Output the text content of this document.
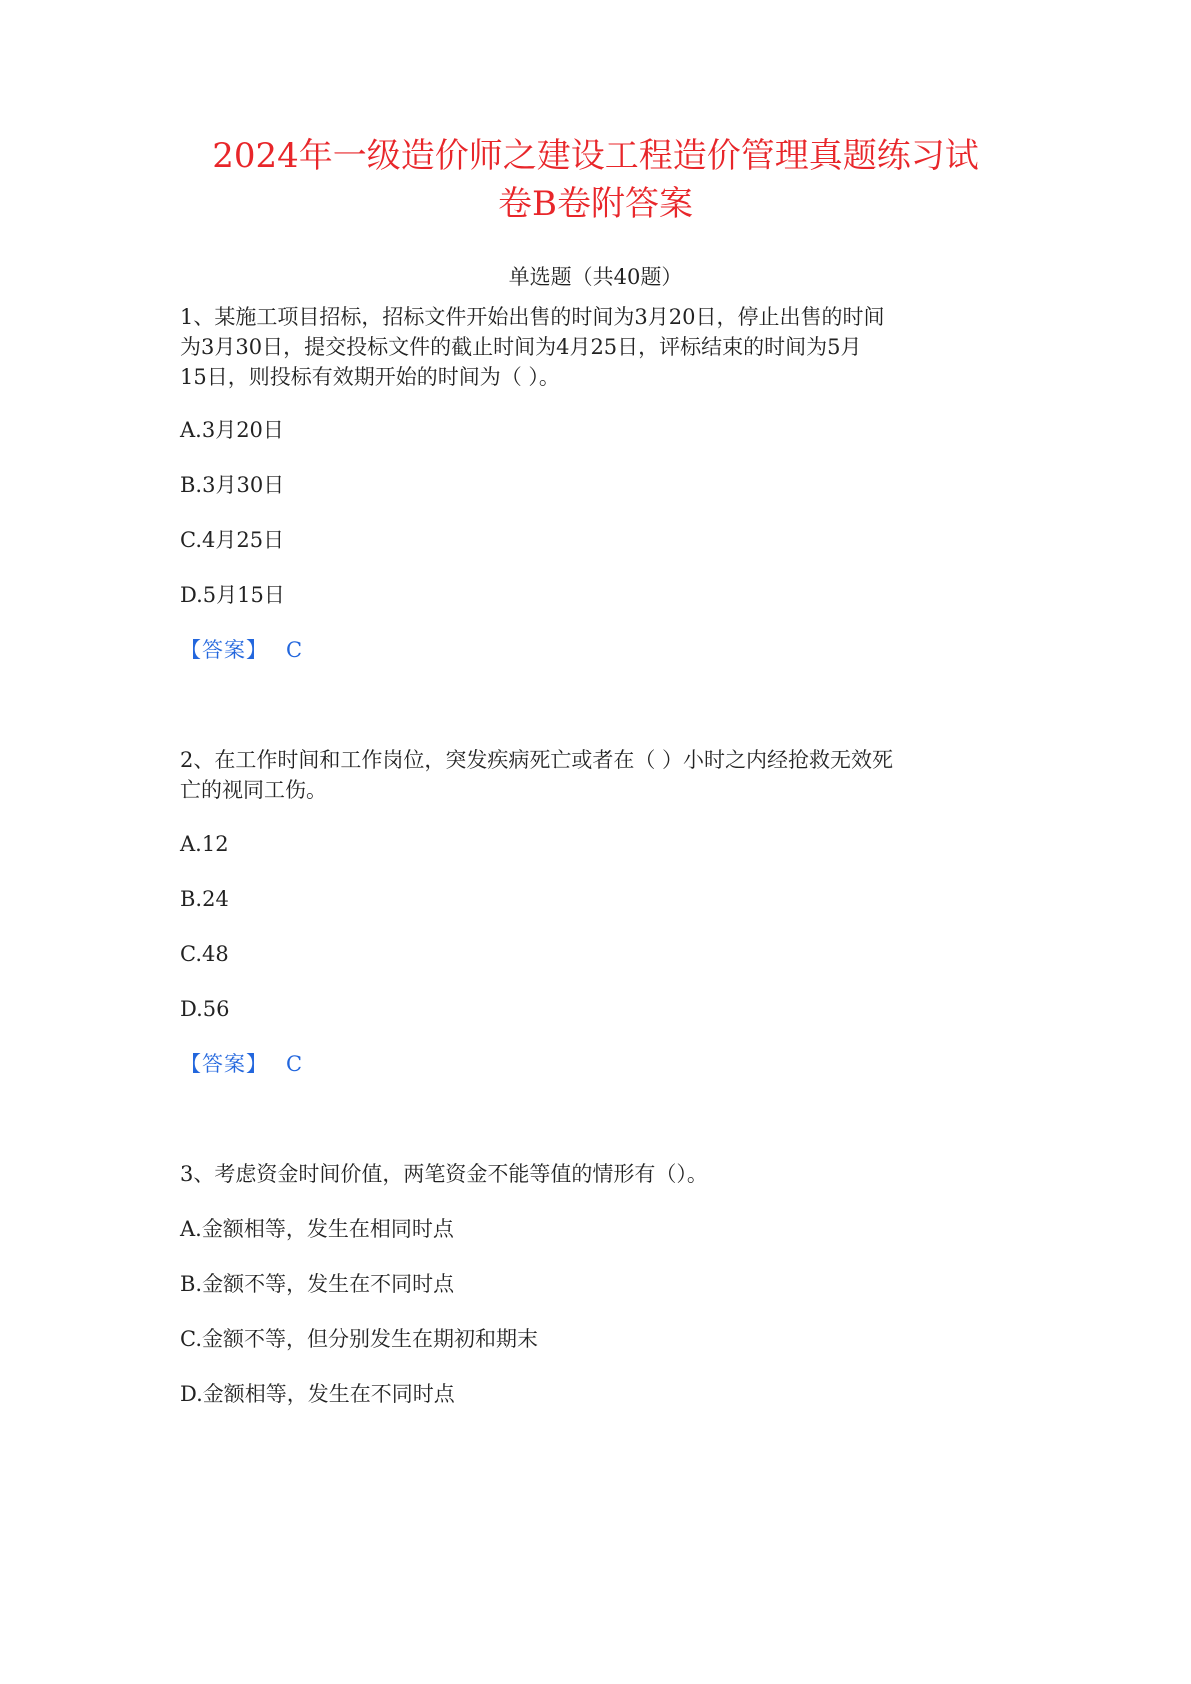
2024年一级造价师之建设工程造价管理真题练习试
卷B卷附答案
单选题（共40题）
1、某施工项目招标，招标文件开始出售的时间为3月20日，停止出售的时间
为3月30日，提交投标文件的截止时间为4月25日，评标结束的时间为5月
15日，则投标有效期开始的时间为（ ）。
A.3月20日
B.3月30日
C.4月25日
D.5月15日
【答案】 C
2、在工作时间和工作岗位，突发疾病死亡或者在（ ）小时之内经抢救无效死
亡的视同工伤。
A.12
B.24
C.48
D.56
【答案】 C
3、考虑资金时间价值，两笔资金不能等值的情形有（）。
A.金额相等，发生在相同时点
B.金额不等，发生在不同时点
C.金额不等，但分别发生在期初和期末
D.金额相等，发生在不同时点
